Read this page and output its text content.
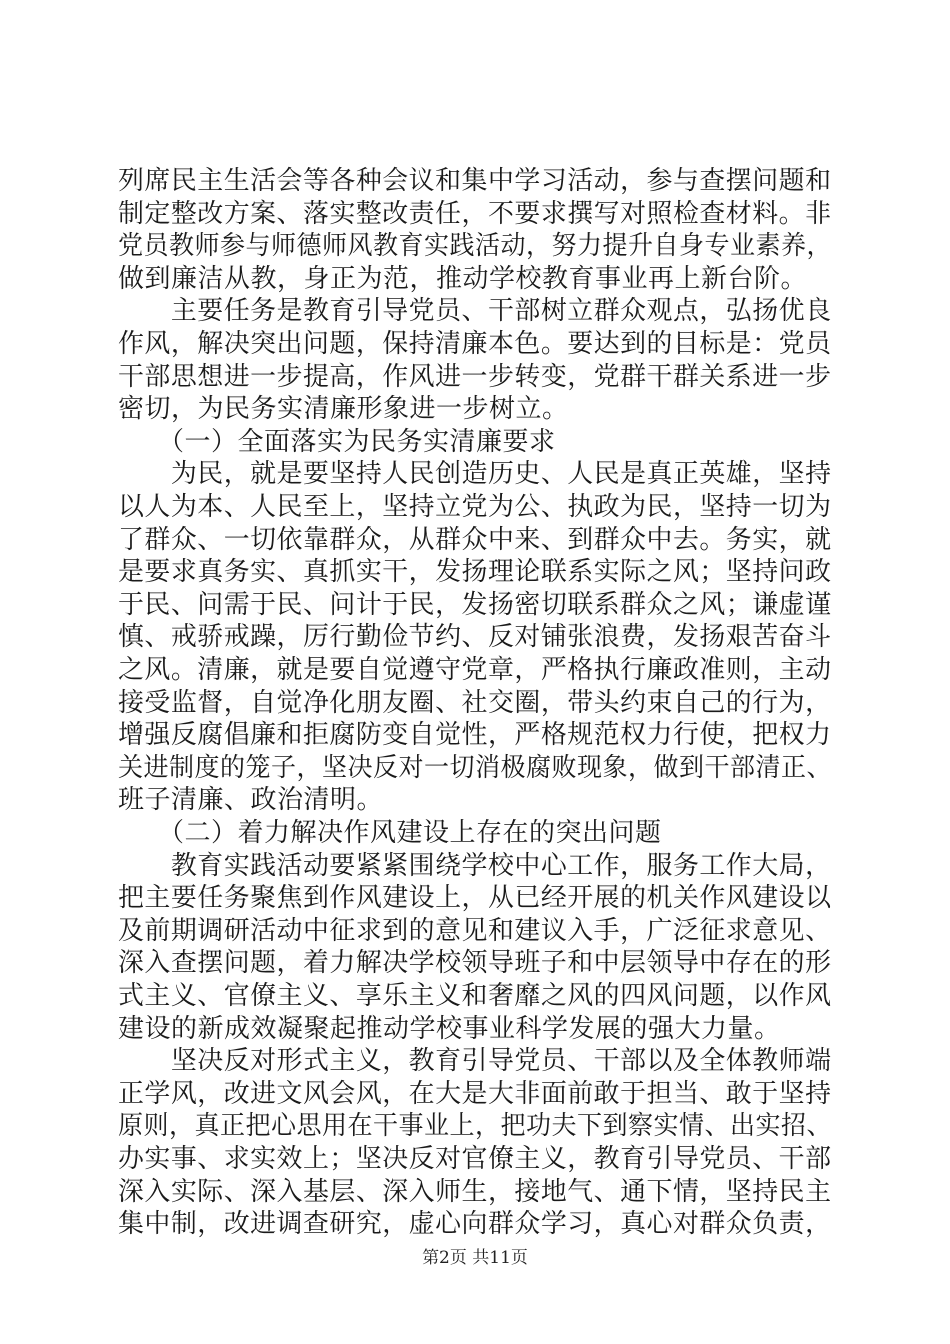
列席民主生活会等各种会议和集中学习活动，参与查摆问题和
制定整改方案、落实整改责任，不要求撰写对照检查材料。非
党员教师参与师德师风教育实践活动，努力提升自身专业素养，
做到廉洁从教，身正为范，推动学校教育事业再上新台阶。
　　主要任务是教育引导党员、干部树立群众观点，弘扬优良
作风，解决突出问题，保持清廉本色。要达到的目标是：党员
干部思想进一步提高，作风进一步转变，党群干群关系进一步
密切，为民务实清廉形象进一步树立。
　　（一）全面落实为民务实清廉要求
　　为民，就是要坚持人民创造历史、人民是真正英雄，坚持
以人为本、人民至上，坚持立党为公、执政为民，坚持一切为
了群众、一切依靠群众，从群众中来、到群众中去。务实，就
是要求真务实、真抓实干，发扬理论联系实际之风；坚持问政
于民、问需于民、问计于民，发扬密切联系群众之风；谦虚谨
慎、戒骄戒躁，厉行勤俭节约、反对铺张浪费，发扬艰苦奋斗
之风。清廉，就是要自觉遵守党章，严格执行廉政准则，主动
接受监督，自觉净化朋友圈、社交圈，带头约束自己的行为，
增强反腐倡廉和拒腐防变自觉性，严格规范权力行使，把权力
关进制度的笼子，坚决反对一切消极腐败现象，做到干部清正、
班子清廉、政治清明。
　　（二）着力解决作风建设上存在的突出问题
　　教育实践活动要紧紧围绕学校中心工作，服务工作大局，
把主要任务聚焦到作风建设上，从已经开展的机关作风建设以
及前期调研活动中征求到的意见和建议入手，广泛征求意见、
深入查摆问题，着力解决学校领导班子和中层领导中存在的形
式主义、官僚主义、享乐主义和奢靡之风的四风问题，以作风
建设的新成效凝聚起推动学校事业科学发展的强大力量。
　　坚决反对形式主义，教育引导党员、干部以及全体教师端
正学风，改进文风会风，在大是大非面前敢于担当、敢于坚持
原则，真正把心思用在干事业上，把功夫下到察实情、出实招、
办实事、求实效上；坚决反对官僚主义，教育引导党员、干部
深入实际、深入基层、深入师生，接地气、通下情，坚持民主
集中制，改进调查研究，虚心向群众学习，真心对群众负责，
第2页 共11页
